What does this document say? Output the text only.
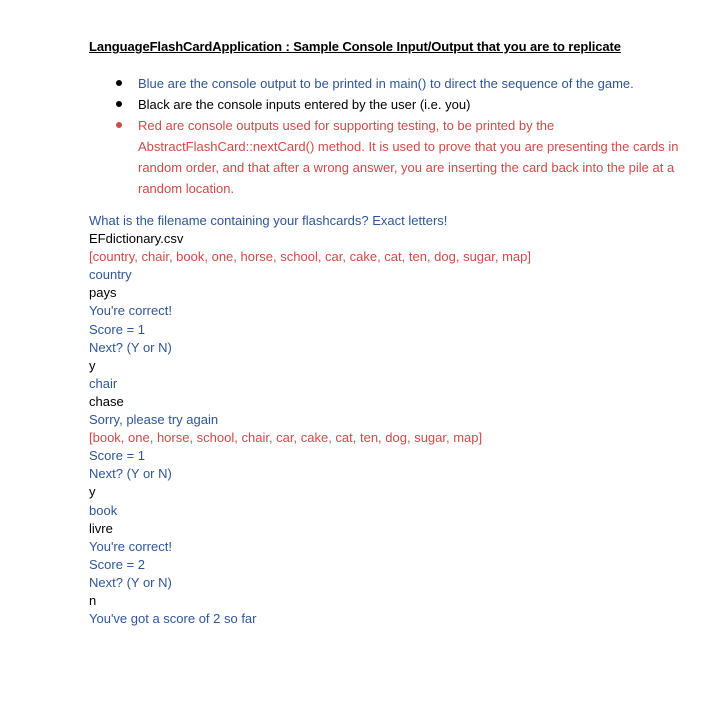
LanguageFlashCardApplication : Sample Console Input/Output that you are to replicate
Blue are the console output to be printed in main() to direct the sequence of the game.
Black are the console inputs entered by the user (i.e. you)
Red are console outputs used for supporting testing, to be printed by the AbstractFlashCard::nextCard() method. It is used to prove that you are presenting the cards in random order, and that after a wrong answer, you are inserting the card back into the pile at a random location.
What is the filename containing your flashcards? Exact letters!
EFdictionary.csv
[country, chair, book, one, horse, school, car, cake, cat, ten, dog, sugar, map]
country
pays
You're correct!
Score = 1
Next? (Y or N)
y
chair
chase
Sorry, please try again
[book, one, horse, school, chair, car, cake, cat, ten, dog, sugar, map]
Score = 1
Next? (Y or N)
y
book
livre
You're correct!
Score = 2
Next? (Y or N)
n
You've got a score of 2 so far
